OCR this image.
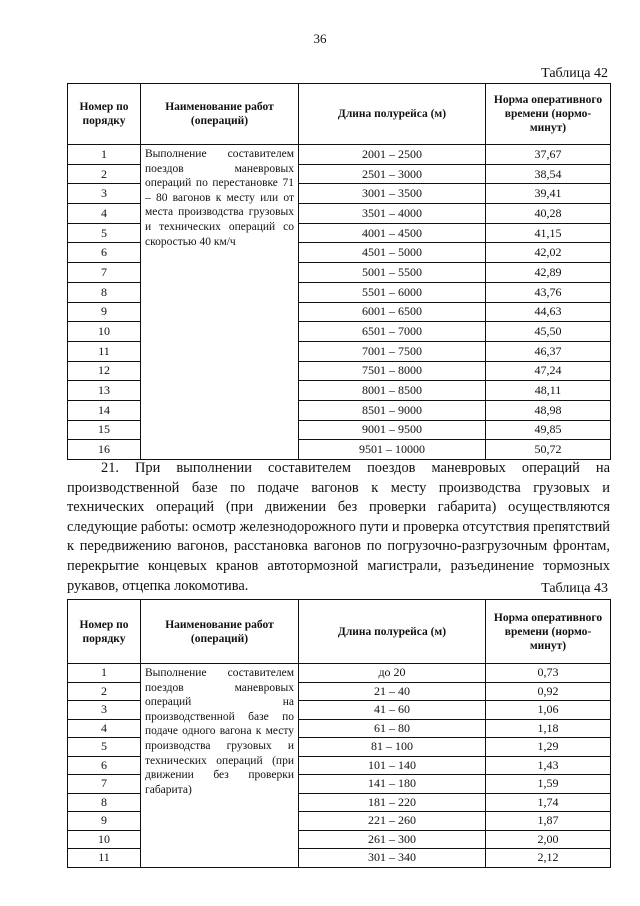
36
Таблица 42
Номер по порядку	Наименование работ (операций)	Длина полурейса (м)	Норма оперативного времени (нормо-минут)
1	Выполнение составителем поездов маневровых операций по перестановке 71 – 80 вагонов к месту или от места производства грузовых и технических операций со скоростью 40 км/ч	2001 – 2500	37,67
2		2501 – 3000	38,54
3		3001 – 3500	39,41
4		3501 – 4000	40,28
5		4001 – 4500	41,15
6		4501 – 5000	42,02
7		5001 – 5500	42,89
8		5501 – 6000	43,76
9		6001 – 6500	44,63
10		6501 – 7000	45,50
11		7001 – 7500	46,37
12		7501 – 8000	47,24
13		8001 – 8500	48,11
14		8501 – 9000	48,98
15		9001 – 9500	49,85
16		9501 – 10000	50,72

21. При выполнении составителем поездов маневровых операций на производственной базе по подаче вагонов к месту производства грузовых и технических операций (при движении без проверки габарита) осуществляются следующие работы: осмотр железнодорожного пути и проверка отсутствия препятствий к передвижению вагонов, расстановка вагонов по погрузочно-разгрузочным фронтам, перекрытие концевых кранов автотормозной магистрали, разъединение тормозных рукавов, отцепка локомотива.	Таблица 43
Номер по порядку	Наименование работ (операций)	Длина полурейса (м)	Норма оперативного времени (нормо-минут)
1	Выполнение составителем поездов маневровых операций на производственной базе по подаче одного вагона к месту производства грузовых и технических операций (при движении без проверки габарита)	до 20	0,73
2		21 – 40	0,92
3		41 – 60	1,06
4		61 – 80	1,18
5		81 – 100	1,29
6		101 – 140	1,43
7		141 – 180	1,59
8		181 – 220	1,74
9		221 – 260	1,87
10		261 – 300	2,00
11		301 – 340	2,12
